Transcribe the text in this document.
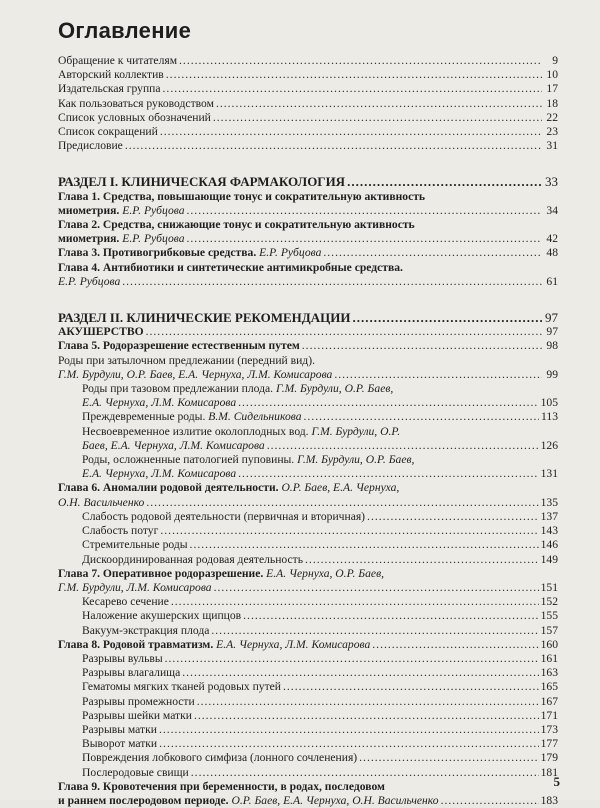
Оглавление
Обращение к читателям .....	9
Авторский коллектив .....	10
Издательская группа .....	17
Как пользоваться руководством .....	18
Список условных обозначений .....	22
Список сокращений .....	23
Предисловие .....	31
РАЗДЕЛ I. КЛИНИЧЕСКАЯ ФАРМАКОЛОГИЯ .....	33
Глава 1. Средства, повышающие тонус и сократительную активность
миометрия. Е.Р. Рубцова .....	34
Глава 2. Средства, снижающие тонус и сократительную активность
миометрия. Е.Р. Рубцова .....	42
Глава 3. Противогрибковые средства. Е.Р. Рубцова .....	48
Глава 4. Антибиотики и синтетические антимикробные средства.
Е.Р. Рубцова .....	61
РАЗДЕЛ II. КЛИНИЧЕСКИЕ РЕКОМЕНДАЦИИ .....	97
АКУШЕРСТВО .....	97
Глава 5. Родоразрешение естественным путем .....	98
Роды при затылочном предлежании (передний вид).
Г.М. Бурдули, О.Р. Баев, Е.А. Чернуха, Л.М. Комисарова .....	99
Роды при тазовом предлежании плода. Г.М. Бурдули, О.Р. Баев,
Е.А. Чернуха, Л.М. Комисарова .....	105
Преждевременные роды. В.М. Сидельникова .....	113
Несвоевременное излитие околоплодных вод. Г.М. Бурдули, О.Р.
Баев, Е.А. Чернуха, Л.М. Комисарова .....	126
Роды, осложненные патологией пуповины. Г.М. Бурдули, О.Р. Баев,
Е.А. Чернуха, Л.М. Комисарова .....	131
Глава 6. Аномалии родовой деятельности. О.Р. Баев, Е.А. Чернуха,
О.Н. Васильченко .....	135
Слабость родовой деятельности (первичная и вторичная) .....	137
Слабость потуг .....	143
Стремительные роды .....	146
Дискоординированная родовая деятельность .....	149
Глава 7. Оперативное родоразрешение. Е.А. Чернуха, О.Р. Баев,
Г.М. Бурдули, Л.М. Комисарова .....	151
Кесарево сечение .....	152
Наложение акушерских щипцов .....	155
Вакуум-экстракция плода .....	157
Глава 8. Родовой травматизм. Е.А. Чернуха, Л.М. Комисарова .....	160
Разрывы вульвы .....	161
Разрывы влагалища .....	163
Гематомы мягких тканей родовых путей .....	165
Разрывы промежности .....	167
Разрывы шейки матки .....	171
Разрывы матки .....	173
Выворот матки .....	177
Повреждения лобкового симфиза (лонного сочленения) .....	179
Послеродовые свищи .....	181
Глава 9. Кровотечения при беременности, в родах, последовом
и раннем послеродовом периоде. О.Р. Баев, Е.А. Чернуха, О.Н. Васильченко .....	183
5
